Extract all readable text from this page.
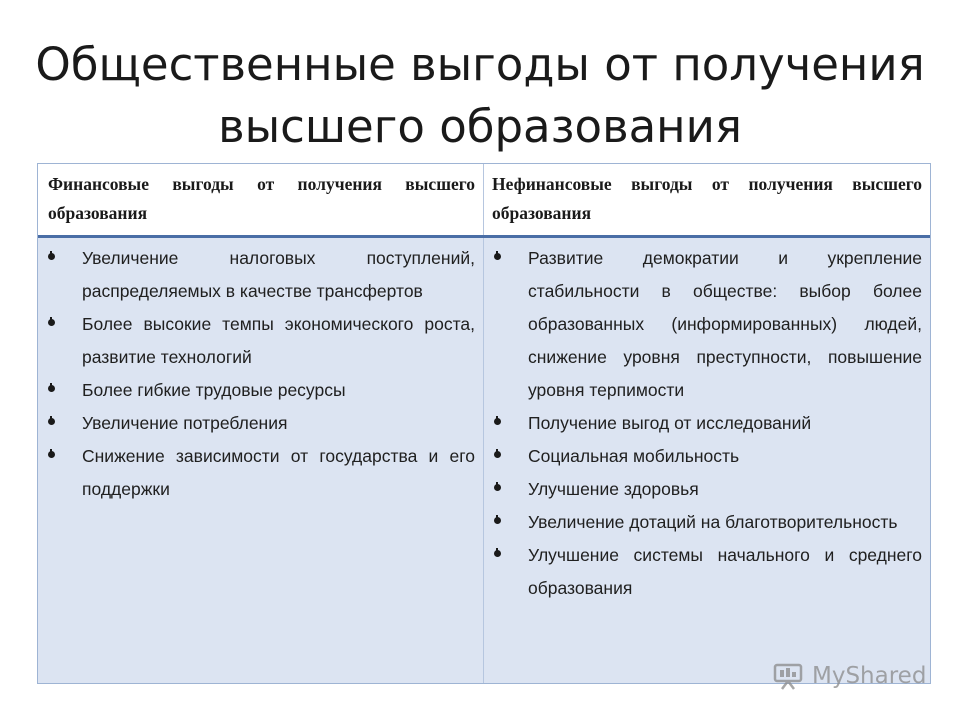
Общественные выгоды от получения
высшего образования
Финансовые выгоды от получения высшего образования
Нефинансовые выгоды от получения высшего образования
Увеличение налоговых поступлений, распределяемых в качестве трансфертов
Более высокие темпы экономического роста, развитие технологий
Более гибкие трудовые ресурсы
Увеличение потребления
Снижение зависимости от государства и его поддержки
Развитие демократии и укрепление стабильности в обществе: выбор более образованных (информированных) людей, снижение уровня преступности, повышение уровня терпимости
Получение выгод от исследований
Социальная мобильность
Улучшение здоровья
Увеличение дотаций на благотворительность
Улучшение системы начального и среднего образования
MyShared
